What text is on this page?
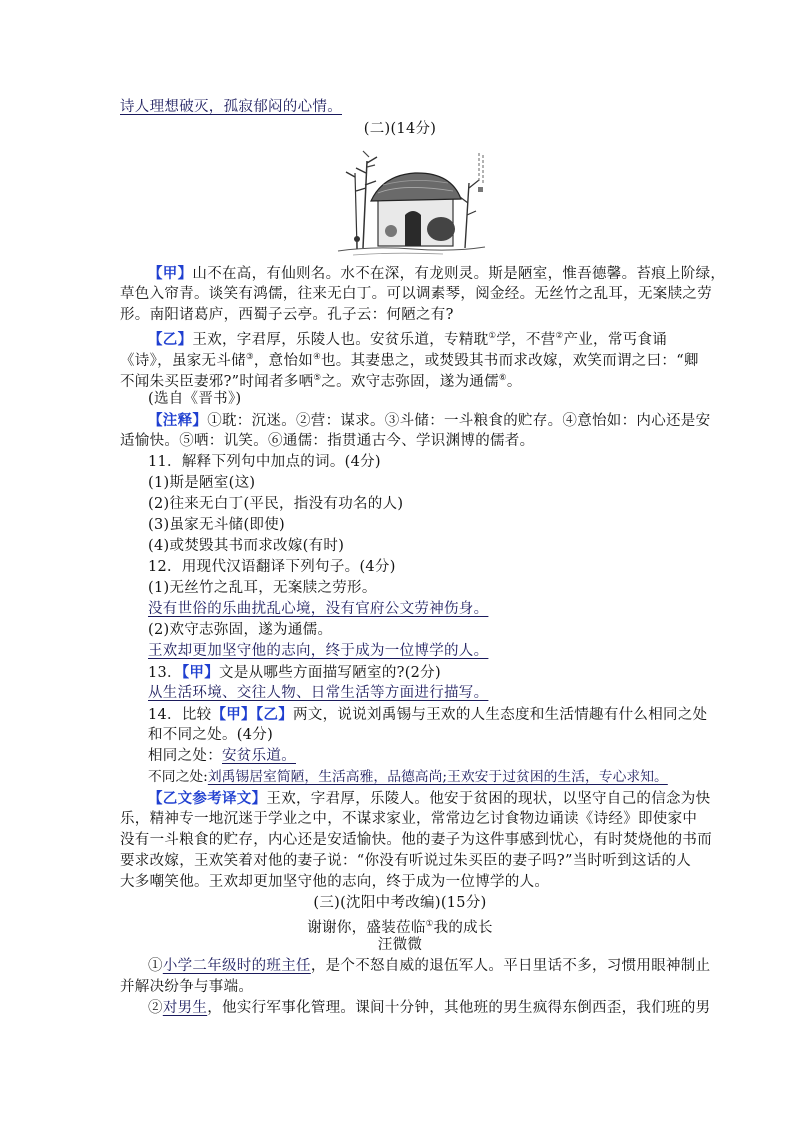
诗人理想破灭，孤寂郁闷的心情。
(二)(14分)
【甲】山不在高，有仙则名。水不在深，有龙则灵。斯是陋室，惟吾德馨。苔痕上阶绿，
草色入帘青。谈笑有鸿儒，往来无白丁。可以调素琴，阅金经。无丝竹之乱耳，无案牍之劳
形。南阳诸葛庐，西蜀子云亭。孔子云：何陋之有?
【乙】王欢，字君厚，乐陵人也。安贫乐道，专精耽①学，不营②产业，常丐食诵
《诗》，虽家无斗储③，意怡如④也。其妻患之，或焚毁其书而求改嫁，欢笑而谓之曰：“卿
不闻朱买臣妻邪?”时闻者多哂⑤之。欢守志弥固，遂为通儒⑥。
(选自《晋书》)
【注释】①耽：沉迷。②营：谋求。③斗储：一斗粮食的贮存。④意怡如：内心还是安
适愉快。⑤哂：讥笑。⑥通儒：指贯通古今、学识渊博的儒者。
11．解释下列句中加点的词。(4分)
(1)斯是陋室(这)
(2)往来无白丁(平民，指没有功名的人)
(3)虽家无斗储(即使)
(4)或焚毁其书而求改嫁(有时)
12．用现代汉语翻译下列句子。(4分)
(1)无丝竹之乱耳，无案牍之劳形。
没有世俗的乐曲扰乱心境，没有官府公文劳神伤身。
(2)欢守志弥固，遂为通儒。
王欢却更加坚守他的志向，终于成为一位博学的人。
13．【甲】文是从哪些方面描写陋室的?(2分)
从生活环境、交往人物、日常生活等方面进行描写。
14．比较【甲】【乙】两文，说说刘禹锡与王欢的人生态度和生活情趣有什么相同之处
和不同之处。(4分)
相同之处：安贫乐道。
不同之处:刘禹锡居室简陋，生活高雅，品德高尚;王欢安于过贫困的生活，专心求知。
【乙文参考译文】王欢，字君厚，乐陵人。他安于贫困的现状，以坚守自己的信念为快
乐，精神专一地沉迷于学业之中，不谋求家业，常常边乞讨食物边诵读《诗经》即使家中
没有一斗粮食的贮存，内心还是安适愉快。他的妻子为这件事感到忧心，有时焚烧他的书而
要求改嫁，王欢笑着对他的妻子说：“你没有听说过朱买臣的妻子吗?”当时听到这话的人
大多嘲笑他。王欢却更加坚守他的志向，终于成为一位博学的人。
(三)(沈阳中考改编)(15分)
谢谢你，盛装莅临①我的成长
汪微微
①小学二年级时的班主任，是个不怒自威的退伍军人。平日里话不多，习惯用眼神制止
并解决纷争与事端。
②对男生，他实行军事化管理。课间十分钟，其他班的男生疯得东倒西歪，我们班的男
